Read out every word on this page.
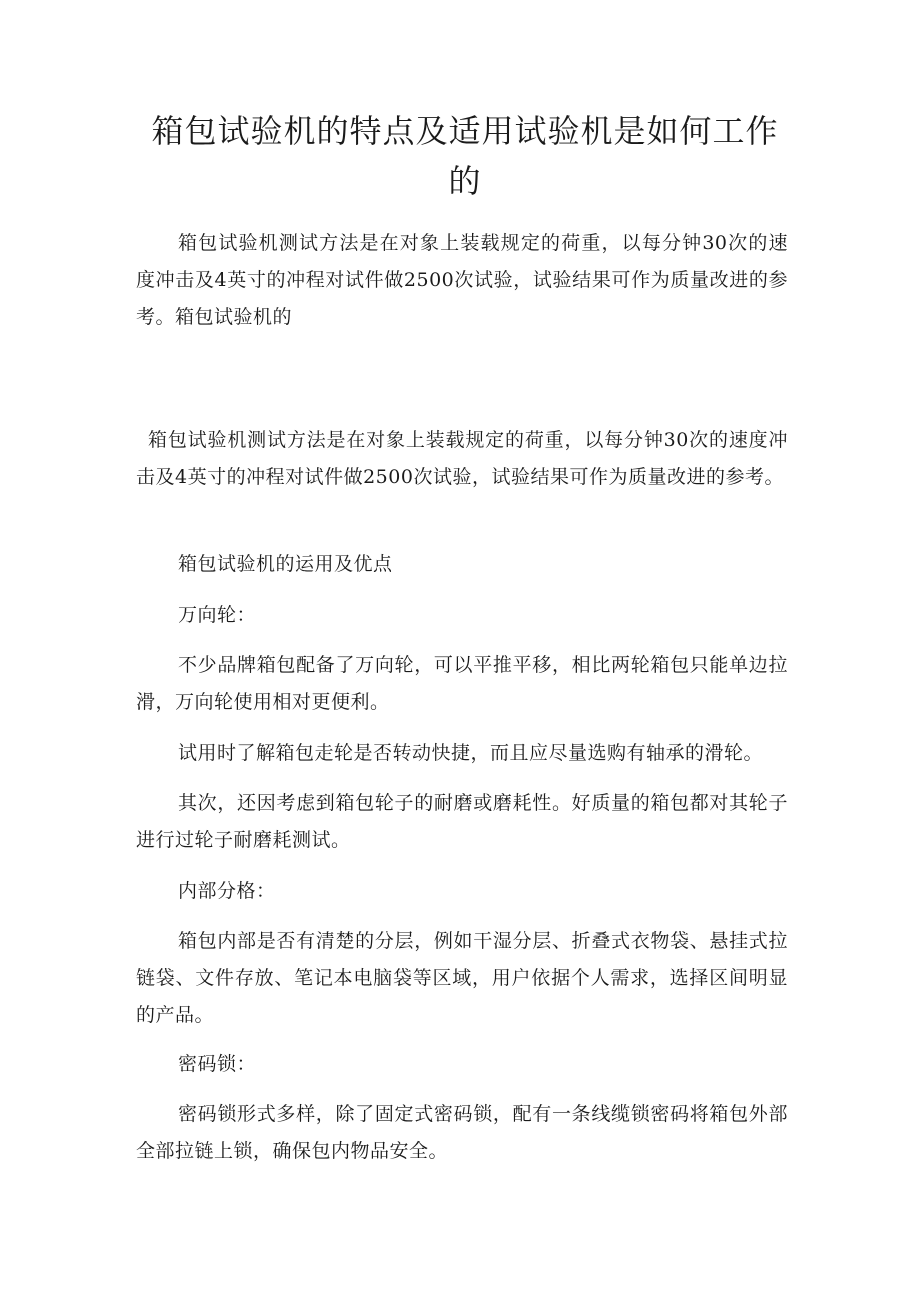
箱包试验机的特点及适用试验机是如何工作的

箱包试验机测试方法是在对象上装载规定的荷重，以每分钟30次的速度冲击及4英寸的冲程对试件做2500次试验，试验结果可作为质量改进的参考。箱包试验机的

箱包试验机测试方法是在对象上装载规定的荷重，以每分钟30次的速度冲击及4英寸的冲程对试件做2500次试验，试验结果可作为质量改进的参考。

箱包试验机的运用及优点

万向轮：

不少品牌箱包配备了万向轮，可以平推平移，相比两轮箱包只能单边拉滑，万向轮使用相对更便利。

试用时了解箱包走轮是否转动快捷，而且应尽量选购有轴承的滑轮。

其次，还因考虑到箱包轮子的耐磨或磨耗性。好质量的箱包都对其轮子进行过轮子耐磨耗测试。

内部分格：

箱包内部是否有清楚的分层，例如干湿分层、折叠式衣物袋、悬挂式拉链袋、文件存放、笔记本电脑袋等区域，用户依据个人需求，选择区间明显的产品。

密码锁：

密码锁形式多样，除了固定式密码锁，配有一条线缆锁密码将箱包外部全部拉链上锁，确保包内物品安全。
